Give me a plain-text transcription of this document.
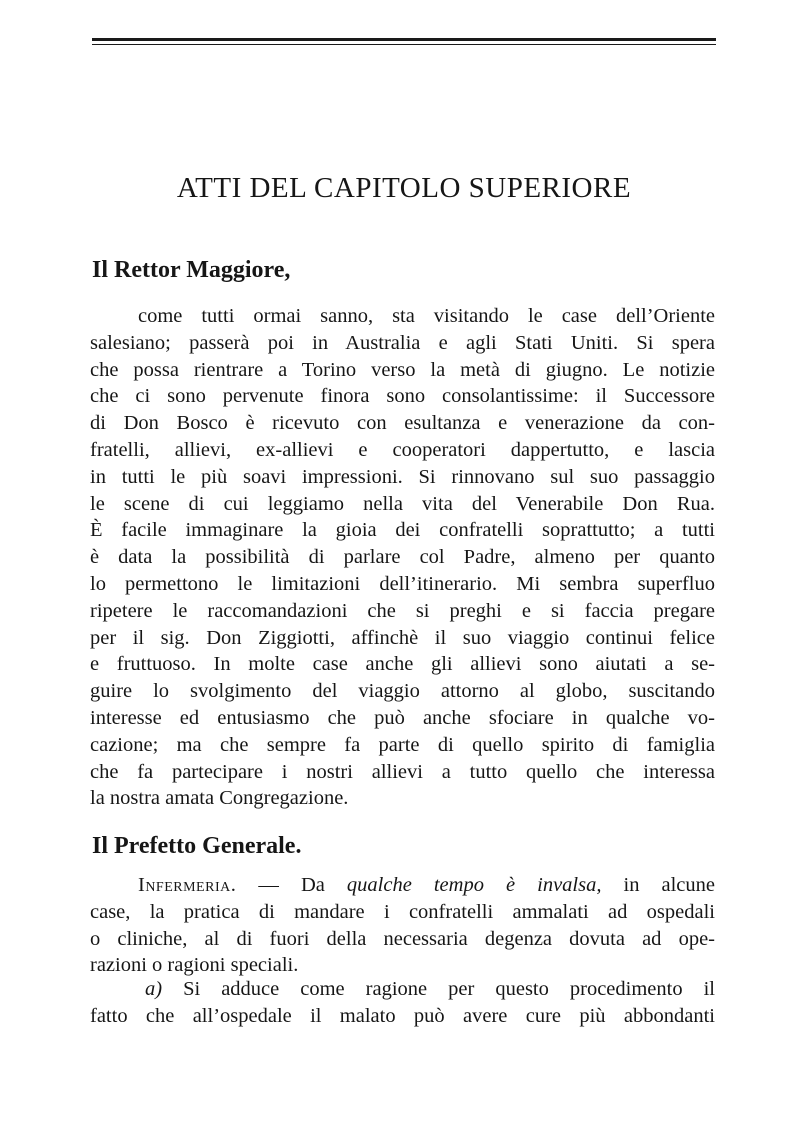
ATTI DEL CAPITOLO SUPERIORE
Il Rettor Maggiore,
come tutti ormai sanno, sta visitando le case dell’Oriente
salesiano; passerà poi in Australia e agli Stati Uniti. Si spera
che possa rientrare a Torino verso la metà di giugno. Le notizie
che ci sono pervenute finora sono consolantissime: il Successore
di Don Bosco è ricevuto con esultanza e venerazione da con-
fratelli, allievi, ex-allievi e cooperatori dappertutto, e lascia
in tutti le più soavi impressioni. Si rinnovano sul suo passaggio
le scene di cui leggiamo nella vita del Venerabile Don Rua.
È facile immaginare la gioia dei confratelli soprattutto; a tutti
è data la possibilità di parlare col Padre, almeno per quanto
lo permettono le limitazioni dell’itinerario. Mi sembra superfluo
ripetere le raccomandazioni che si preghi e si faccia pregare
per il sig. Don Ziggiotti, affinchè il suo viaggio continui felice
e fruttuoso. In molte case anche gli allievi sono aiutati a se-
guire lo svolgimento del viaggio attorno al globo, suscitando
interesse ed entusiasmo che può anche sfociare in qualche vo-
cazione; ma che sempre fa parte di quello spirito di famiglia
che fa partecipare i nostri allievi a tutto quello che interessa
la nostra amata Congregazione.
Il Prefetto Generale.
Infermeria. — Da qualche tempo è invalsa, in alcune
case, la pratica di mandare i confratelli ammalati ad ospedali
o cliniche, al di fuori della necessaria degenza dovuta ad ope-
razioni o ragioni speciali.
a) Si adduce come ragione per questo procedimento il
fatto che all’ospedale il malato può avere cure più abbondanti
